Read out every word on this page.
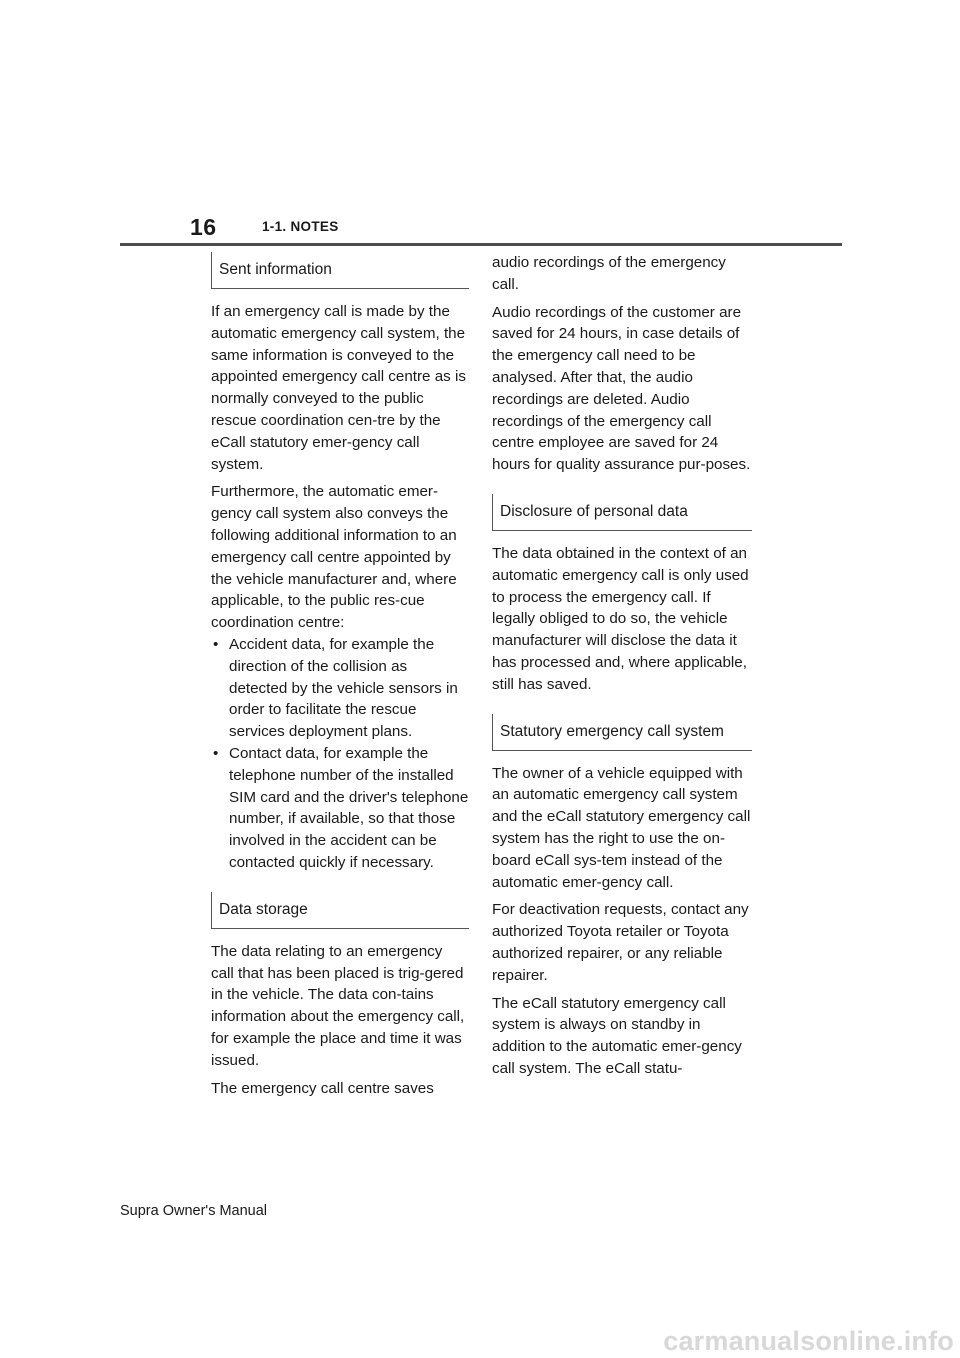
16	1-1. NOTES
Sent information

If an emergency call is made by the automatic emergency call system, the same information is conveyed to the appointed emergency call centre as is normally conveyed to the public rescue coordination cen-tre by the eCall statutory emer-gency call system.

Furthermore, the automatic emer-gency call system also conveys the following additional information to an emergency call centre appointed by the vehicle manufacturer and, where applicable, to the public res-cue coordination centre:

• Accident data, for example the direction of the collision as detected by the vehicle sensors in order to facilitate the rescue services deployment plans.
• Contact data, for example the telephone number of the installed SIM card and the driver's telephone number, if available, so that those involved in the accident can be contacted quickly if necessary.
Data storage

The data relating to an emergency call that has been placed is trig-gered in the vehicle. The data con-tains information about the emergency call, for example the place and time it was issued.

The emergency call centre saves

audio recordings of the emergency call.

Audio recordings of the customer are saved for 24 hours, in case details of the emergency call need to be analysed. After that, the audio recordings are deleted. Audio recordings of the emergency call centre employee are saved for 24 hours for quality assurance pur-poses.

Disclosure of personal data

The data obtained in the context of an automatic emergency call is only used to process the emergency call. If legally obliged to do so, the vehicle manufacturer will disclose the data it has processed and, where applicable, still has saved.

Statutory emergency call system

The owner of a vehicle equipped with an automatic emergency call system and the eCall statutory emergency call system has the right to use the on-board eCall sys-tem instead of the automatic emer-gency call.

For deactivation requests, contact any authorized Toyota retailer or Toyota authorized repairer, or any reliable repairer.

The eCall statutory emergency call system is always on standby in addition to the automatic emer-gency call system. The eCall statu-

Supra Owner's Manual
carmanualsonline.info
